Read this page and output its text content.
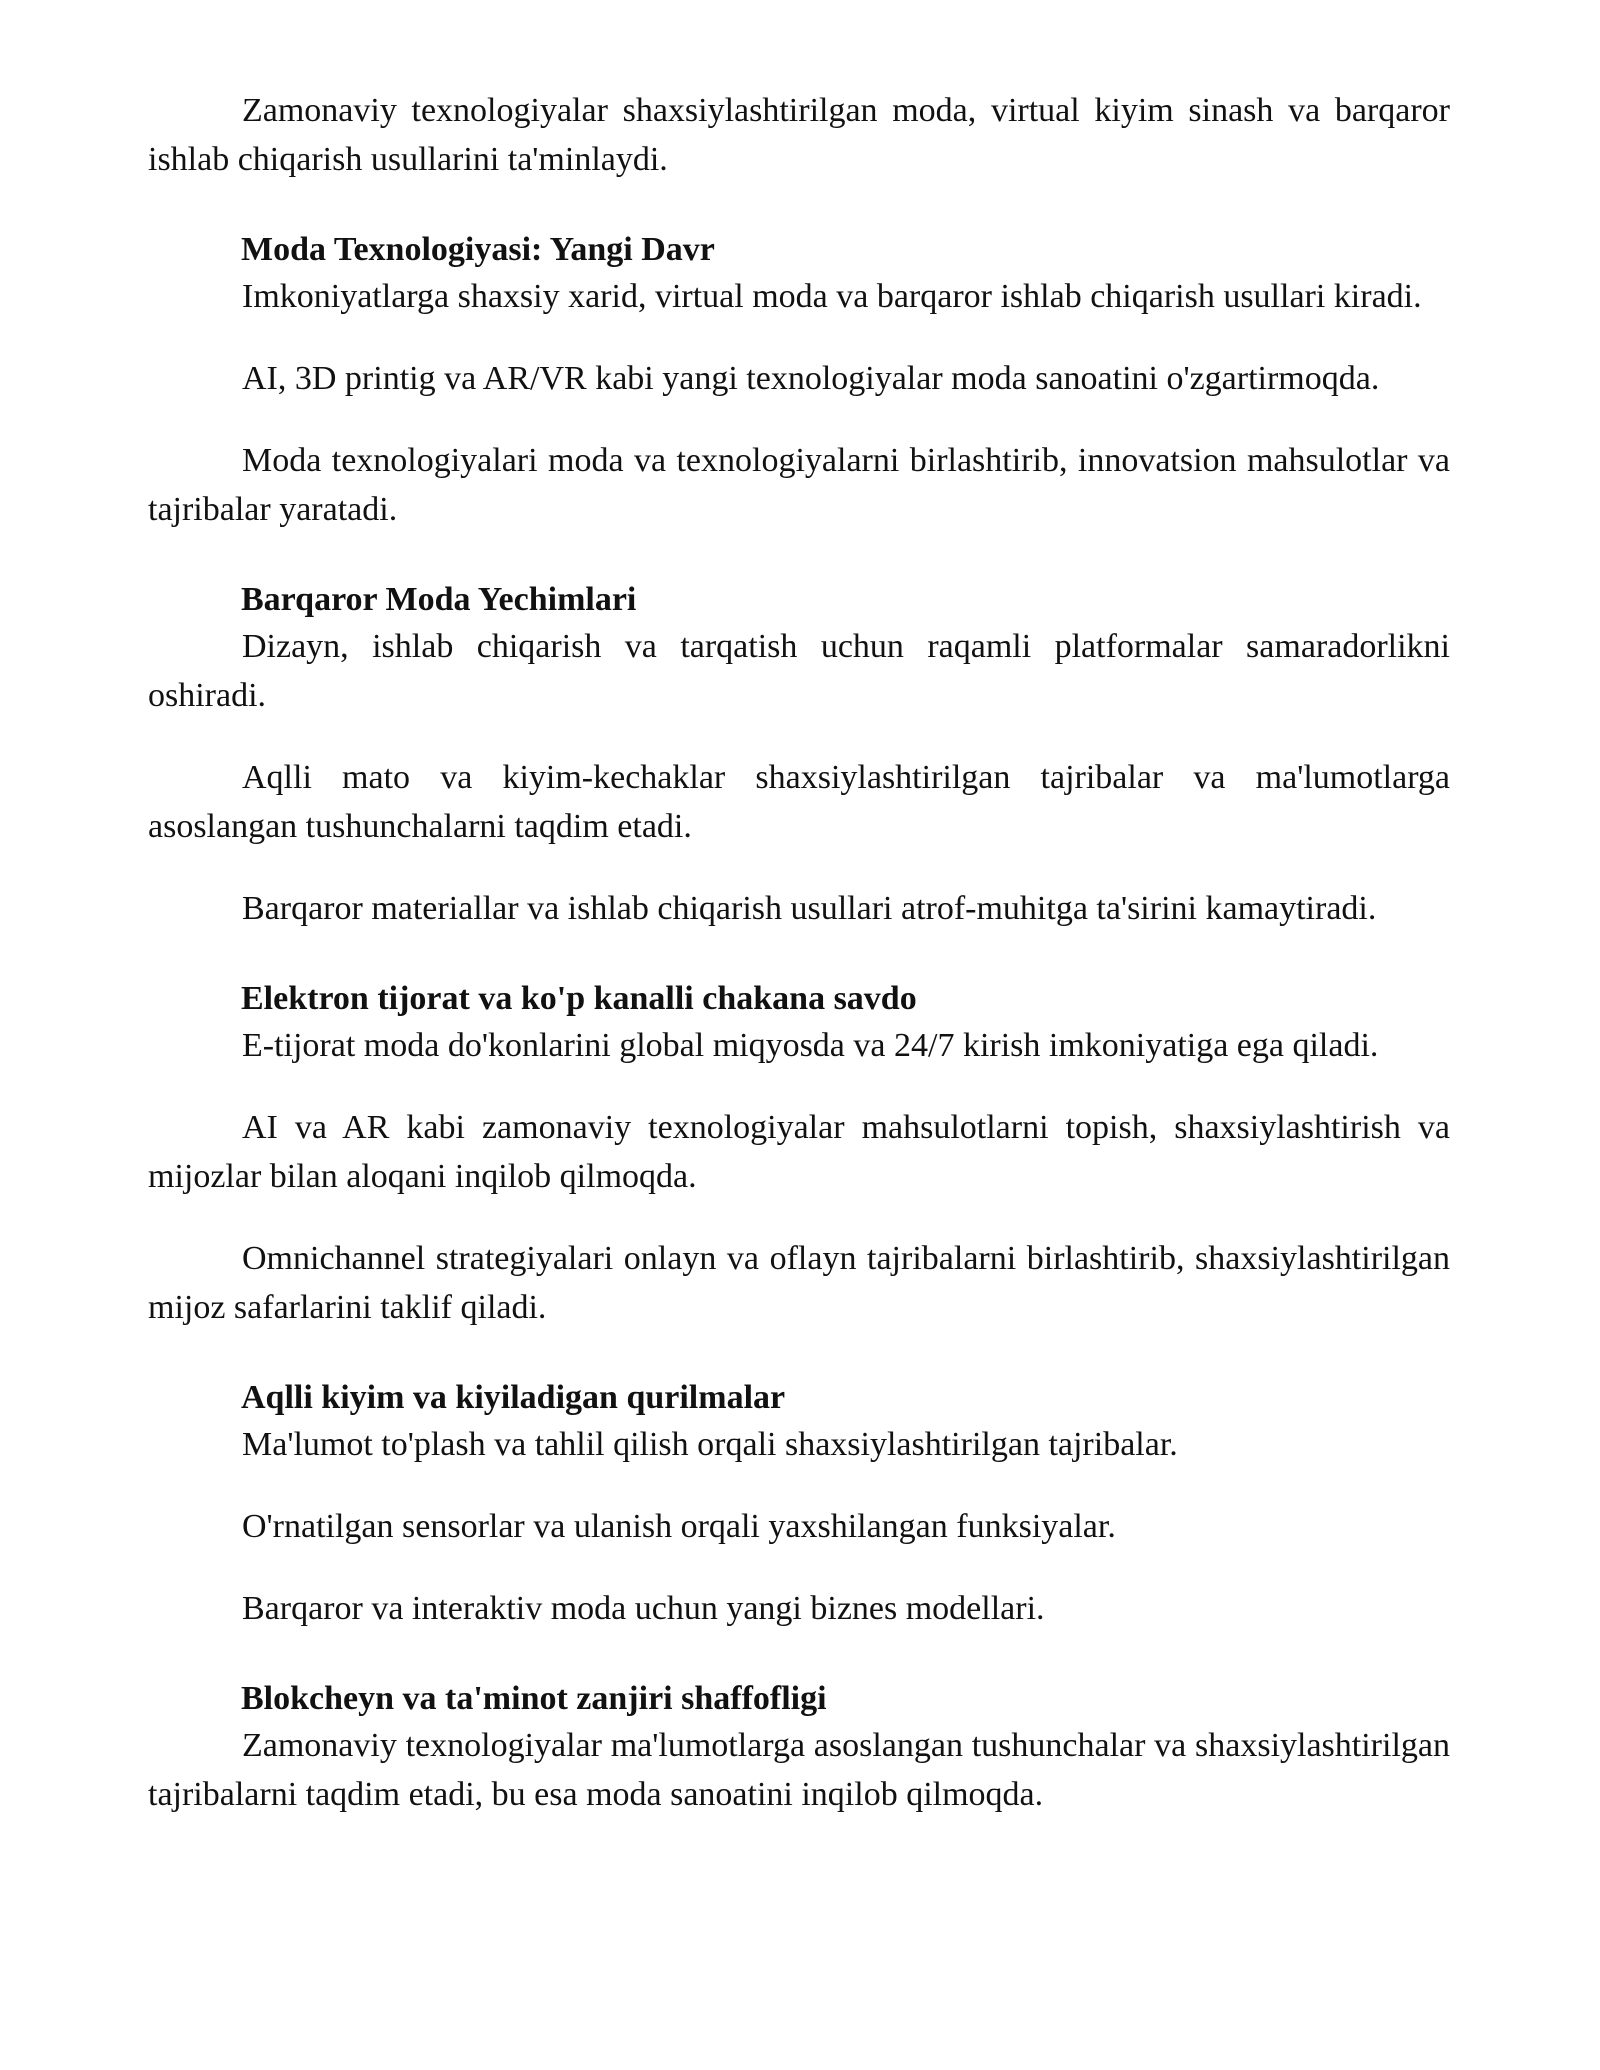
Zamonaviy texnologiyalar shaxsiylashtirilgan moda, virtual kiyim sinash va barqaror ishlab chiqarish usullarini ta'minlaydi.

Moda Texnologiyasi: Yangi Davr

Imkoniyatlarga shaxsiy xarid, virtual moda va barqaror ishlab chiqarish usullari kiradi.

AI, 3D printig va AR/VR kabi yangi texnologiyalar moda sanoatini o'zgartirmoqda.

Moda texnologiyalari moda va texnologiyalarni birlashtirib, innovatsion mahsulotlar va tajribalar yaratadi.

Barqaror Moda Yechimlari

Dizayn, ishlab chiqarish va tarqatish uchun raqamli platformalar samaradorlikni oshiradi.

Aqlli mato va kiyim-kechaklar shaxsiylashtirilgan tajribalar va ma'lumotlarga asoslangan tushunchalarni taqdim etadi.

Barqaror materiallar va ishlab chiqarish usullari atrof-muhitga ta'sirini kamaytiradi.

Elektron tijorat va ko'p kanalli chakana savdo

E-tijorat moda do'konlarini global miqyosda va 24/7 kirish imkoniyatiga ega qiladi.

AI va AR kabi zamonaviy texnologiyalar mahsulotlarni topish, shaxsiylashtirish va mijozlar bilan aloqani inqilob qilmoqda.

Omnichannel strategiyalari onlayn va oflayn tajribalarni birlashtirib, shaxsiylashtirilgan mijoz safarlarini taklif qiladi.

Aqlli kiyim va kiyiladigan qurilmalar

Ma'lumot to'plash va tahlil qilish orqali shaxsiylashtirilgan tajribalar.

O'rnatilgan sensorlar va ulanish orqali yaxshilangan funksiyalar.

Barqaror va interaktiv moda uchun yangi biznes modellari.

Blokcheyn va ta'minot zanjiri shaffofligi

Zamonaviy texnologiyalar ma'lumotlarga asoslangan tushunchalar va shaxsiylashtirilgan tajribalarni taqdim etadi, bu esa moda sanoatini inqilob qilmoqda.
